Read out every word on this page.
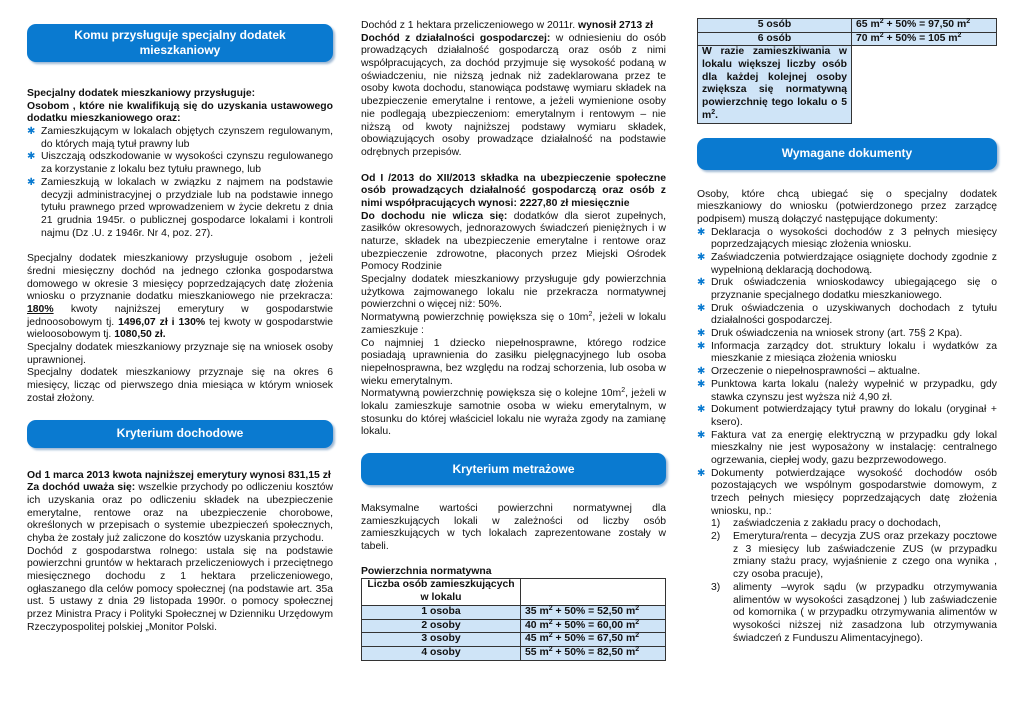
Komu przysługuje specjalny dodatek mieszkaniowy

Specjalny dodatek mieszkaniowy przysługuje:

Osobom , które nie kwalifikują się do uzyskania ustawowego dodatku mieszkaniowego oraz:

✱ Zamieszkującym w lokalach objętych czynszem regulowanym, do których mają tytuł prawny lub
✱ Uiszczają odszkodowanie w wysokości czynszu regulowanego za korzystanie z lokalu bez tytułu prawnego, lub
✱ Zamieszkują w lokalach w związku z najmem na podstawie decyzji administracyjnej o przydziale lub na podstawie innego tytułu prawnego przed wprowadzeniem w życie dekretu z dnia 21 grudnia 1945r. o publicznej gospodarce lokalami i kontroli najmu (Dz .U. z 1946r. Nr 4, poz. 27).

Specjalny dodatek mieszkaniowy przysługuje osobom , jeżeli średni miesięczny dochód na jednego członka gospodarstwa domowego w okresie 3 miesięcy poprzedzających datę złożenia wniosku o przyznanie dodatku mieszkaniowego nie przekracza: 180% kwoty najniższej emerytury w gospodarstwie jednoosobowym tj. 1496,07 zł i 130% tej kwoty w gospodarstwie wieloosobowym tj. 1080,50 zł.

Specjalny dodatek mieszkaniowy przyznaje się na wniosek osoby uprawnionej.

Specjalny dodatek mieszkaniowy przyznaje się na okres 6 miesięcy, licząc od pierwszego dnia miesiąca w którym wniosek został złożony.

Kryterium dochodowe

Od 1 marca 2013 kwota najniższej emerytury wynosi 831,15 zł

Za dochód uważa się: wszelkie przychody po odliczeniu kosztów ich uzyskania oraz po odliczeniu składek na ubezpieczenie emerytalne, rentowe oraz na ubezpieczenie chorobowe, określonych w przepisach o systemie ubezpieczeń społecznych, chyba że zostały już zaliczone do kosztów uzyskania przychodu.

Dochód z gospodarstwa rolnego: ustala się na podstawie powierzchni gruntów w hektarach przeliczeniowych i przeciętnego miesięcznego dochodu z 1 hektara przeliczeniowego, ogłaszanego dla celów pomocy społecznej (na podstawie art. 35a ust. 5 ustawy z dnia 29 listopada 1990r. o pomocy społecznej przez Ministra Pracy i Polityki Społecznej w Dzienniku Urzędowym Rzeczypospolitej polskiej „Monitor Polski.

Dochód z 1 hektara przeliczeniowego w 2011r. wynosił 2713 zł

Dochód z działalności gospodarczej: w odniesieniu do osób prowadzących działalność gospodarczą oraz osób z nimi współpracujących, za dochód przyjmuje się wysokość podaną w oświadczeniu, nie niższą jednak niż zadeklarowana przez te osoby kwota dochodu, stanowiąca podstawę wymiaru składek na ubezpieczenie emerytalne i rentowe, a jeżeli wymienione osoby nie podlegają ubezpieczeniom: emerytalnym i rentowym – nie niższą od kwoty najniższej podstawy wymiaru składek, obowiązujących osoby prowadzące działalność na podstawie odrębnych przepisów.

Od I /2013 do XII/2013 składka na ubezpieczenie społeczne osób prowadzących działalność gospodarczą oraz osób z nimi współpracujących wynosi: 2227,80 zł miesięcznie

Do dochodu nie wlicza się: dodatków dla sierot zupełnych, zasiłków okresowych, jednorazowych świadczeń pieniężnych i w naturze, składek na ubezpieczenie emerytalne i rentowe oraz ubezpieczenie zdrowotne, płaconych przez Miejski Ośrodek Pomocy Rodzinie

Specjalny dodatek mieszkaniowy przysługuje gdy powierzchnia użytkowa zajmowanego lokalu nie przekracza normatywnej powierzchni o więcej niż: 50%.

Normatywną powierzchnię powiększa się o $10m^2$, jeżeli w lokalu zamieszkuje :

Co najmniej 1 dziecko niepełnosprawne, którego rodzice posiadają uprawnienia do zasiłku pielęgnacyjnego lub osoba niepełnosprawna, bez względu na rodzaj schorzenia, lub osoba w wieku emerytalnym.

Normatywną powierzchnię powiększa się o kolejne $10m^2$, jeżeli w lokalu zamieszkuje samotnie osoba w wieku emerytalnym, w stosunku do której właściciel lokalu nie wyraża zgody na zamianę lokalu.

Kryterium metrażowe

Maksymalne wartości powierzchni normatywnej dla zamieszkujących lokali w zależności od liczby osób zamieszkujących w tych lokalach zaprezentowane zostały w tabeli.

Powierzchnia normatywna

Liczba osób zamieszkujących w lokalu	
1 osoba	35 $m^2 + 50\% = 52,50$ $m^2$
2 osoby	40 $m^2 + 50\% = 60,00$ $m^2$
3 osoby	45 $m^2 + 50\% = 67,50$ $m^2$
4 osoby	55 $m^2 + 50\% = 82,50$ $m^2$
5 osób	65 $m^2 + 50\% = 97,50$ $m^2$
6 osób	70 $m^2 + 50\% = 105$ $m^2$
W razie zamieszkiwania w lokalu większej liczby osób dla każdej kolejnej osoby zwiększa się normatywną powierzchnię tego lokalu o 5 $m^2$.	
Wymagane dokumenty

Osoby, które chcą ubiegać się o specjalny dodatek mieszkaniowy do wniosku (potwierdzonego przez zarządcę podpisem) muszą dołączyć następujące dokumenty:

✱ Deklaracja o wysokości dochodów z 3 pełnych miesięcy poprzedzających miesiąc złożenia wniosku.
✱ Zaświadczenia potwierdzające osiągnięte dochody zgodnie z wypełnioną deklaracją dochodową.
✱ Druk oświadczenia wnioskodawcy ubiegającego się o przyznanie specjalnego dodatku mieszkaniowego.
✱ Druk oświadczenia o uzyskiwanych dochodach z tytułu działalności gospodarczej.
✱ Druk oświadczenia na wniosek strony (art. 75§ 2 Kpa).
✱ Informacja zarządcy dot. struktury lokalu i wydatków za mieszkanie z miesiąca złożenia wniosku
✱ Orzeczenie o niepełnosprawności – aktualne.
✱ Punktowa karta lokalu (należy wypełnić w przypadku, gdy stawka czynszu jest wyższa niż 4,90 zł.
✱ Dokument potwierdzający tytuł prawny do lokalu (oryginał + ksero).
✱ Faktura vat za energię elektryczną w przypadku gdy lokal mieszkalny nie jest wyposażony w instalację: centralnego ogrzewania, ciepłej wody, gazu bezprzewodowego.
✱ Dokumenty potwierdzające wysokość dochodów osób pozostających we wspólnym gospodarstwie domowym, z trzech pełnych miesięcy poprzedzających datę złożenia wniosku, np.:
1) zaświadczenia z zakładu pracy o dochodach,
2) Emerytura/renta – decyzja ZUS oraz przekazy pocztowe z 3 miesięcy lub zaświadczenie ZUS (w przypadku zmiany stażu pracy, wyjaśnienie z czego ona wynika , czy osoba pracuje),
3) alimenty –wyrok sądu (w przypadku otrzymywania alimentów w wysokości zasądzonej ) lub zaświadczenie od komornika ( w przypadku otrzymywania alimentów w wysokości niższej niż zasadzona lub otrzymywania świadczeń z Funduszu Alimentacyjnego).
